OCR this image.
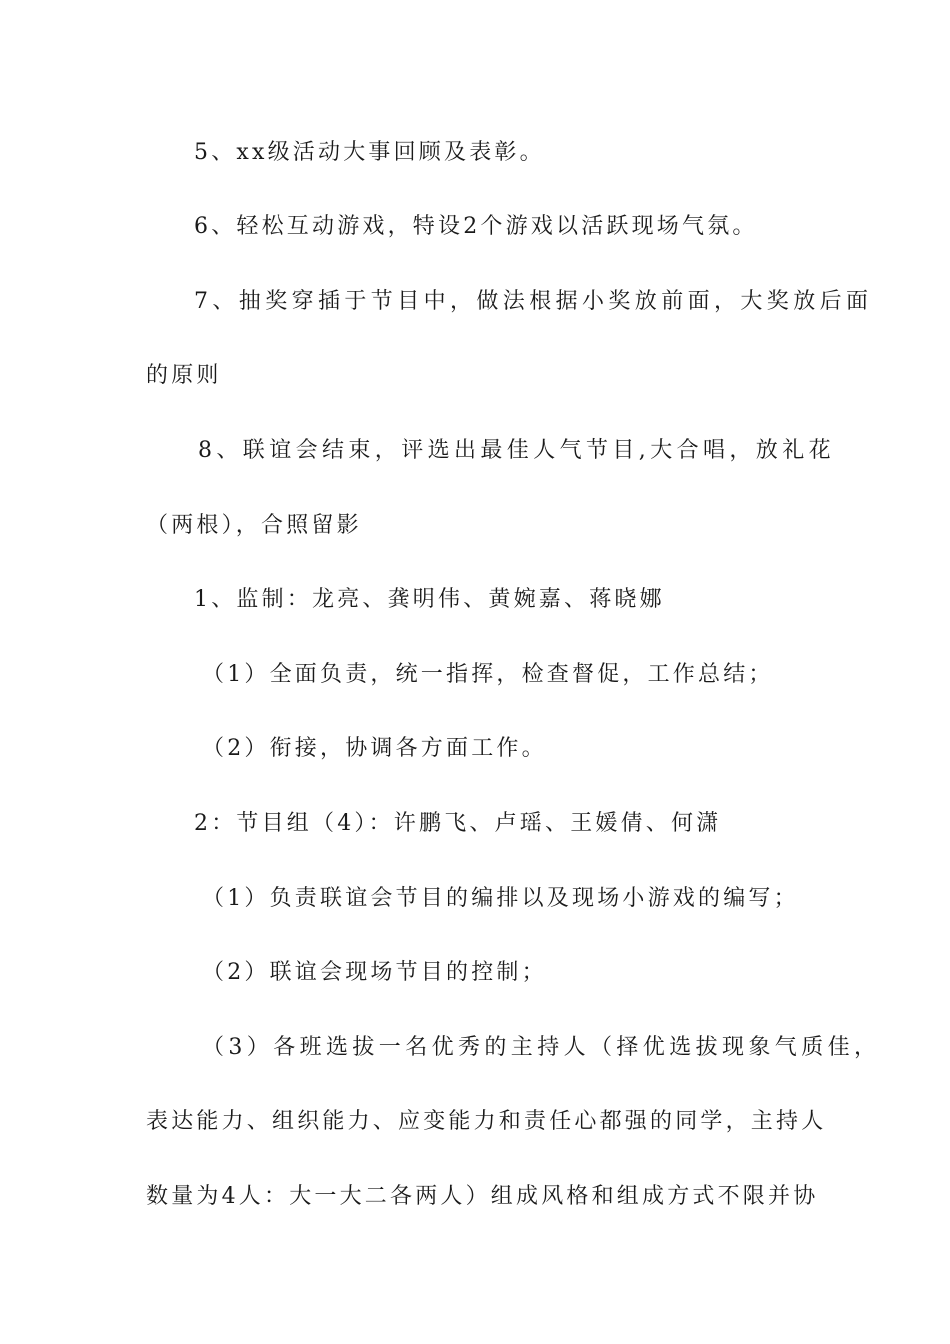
5、xx级活动大事回顾及表彰。
6、轻松互动游戏，特设2个游戏以活跃现场气氛。
7、抽奖穿插于节目中，做法根据小奖放前面，大奖放后面
的原则
8、联谊会结束，评选出最佳人气节目,大合唱，放礼花
（两根），合照留影
1、监制：龙亮、龚明伟、黄婉嘉、蒋晓娜
（1）全面负责，统一指挥，检查督促，工作总结；
（2）衔接，协调各方面工作。
2：节目组（4）：许鹏飞、卢瑶、王媛倩、何潇
（1）负责联谊会节目的编排以及现场小游戏的编写；
（2）联谊会现场节目的控制；
（3）各班选拔一名优秀的主持人（择优选拔现象气质佳，
表达能力、组织能力、应变能力和责任心都强的同学，主持人
数量为4人：大一大二各两人）组成风格和组成方式不限并协
